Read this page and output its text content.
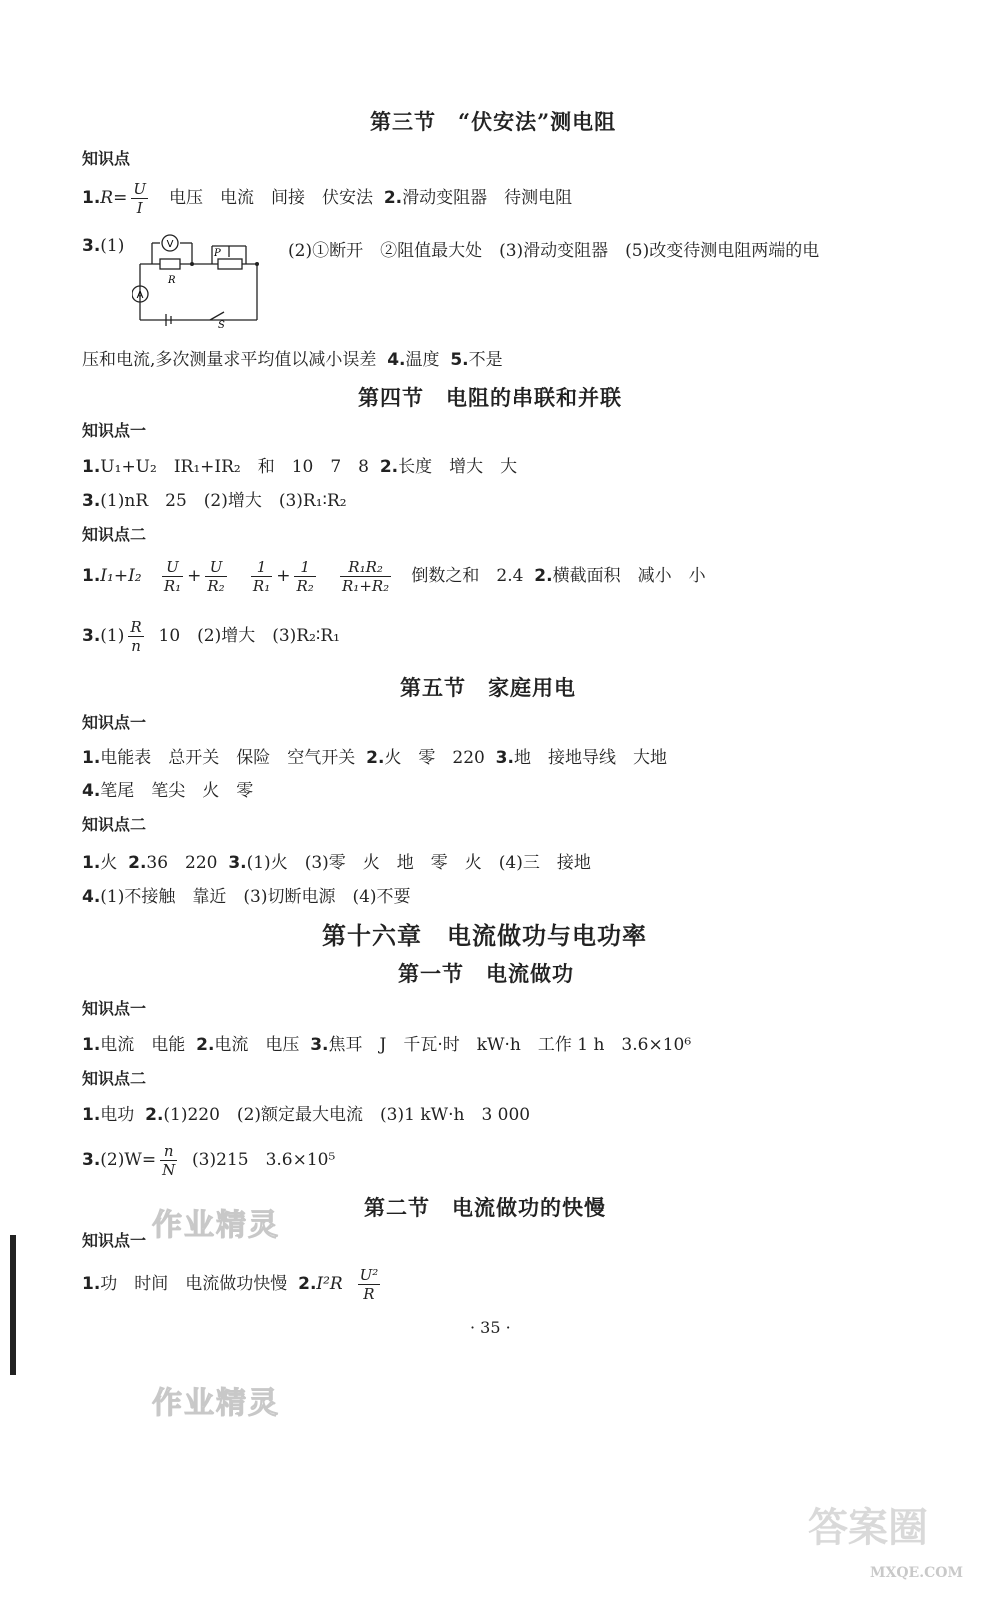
第三节　“伏安法”测电阻
知识点
$1.R= \frac{U}{I}$ 　电压　电流　间接　伏安法 2.滑动变阻器　待测电阻
3.(1)	V
A
R
P
S
(2)①断开　②阻值最大处　(3)滑动变阻器　(5)改变待测电阻两端的电
压和电流,多次测量求平均值以减小误差 4.温度 5.不是
第四节　电阻的串联和并联
知识点一
1.U₁+U₂　IR₁+IR₂　和　10　7　8 2.长度　增大　大
3.(1)nR　25　(2)增大　(3)R₁∶R₂
知识点二
$1.I_1+I_2 \frac{U}{\text{R₁}} + \frac{U}{\text{R₂}}$
$\frac{1}{\text{R₁}} + \frac{1}{\text{R₂}}$
$\frac{\text{R₁R₂}}{\text{R₁+R₂}}$ 倒数之和　2.4 2.横截面积　减小　小
$3.(1) \frac{R}{n} 10$　(2)增大　(3)R₂∶R₁
第五节　家庭用电
知识点一
1.电能表　总开关　保险　空气开关 2.火　零　220 3.地　接地导线　大地
4.笔尾　笔尖　火　零
知识点二
1.火 2.36　220 3.(1)火　(3)零　火　地　零　火　(4)三　接地
4.(1)不接触　靠近　(3)切断电源　(4)不要
第十六章　电流做功与电功率
第一节　电流做功
知识点一
1.电流　电能 2.电流　电压 3.焦耳　J　千瓦·时　kW·h　工作 1 h　3.6×10⁶
知识点二
1.电功 2.(1)220　(2)额定最大电流　(3)1 kW·h　3 000
$3.(2)W= \frac{n}{N} (3)215$　3.6×10⁵
第二节　电流做功的快慢
知识点一
1.功　时间　电流做功快慢 $2.I^2R \frac{\text{U²}}{R}$
· 35 ·
作业精灵
作业精灵
答案圈
MXQE.COM
